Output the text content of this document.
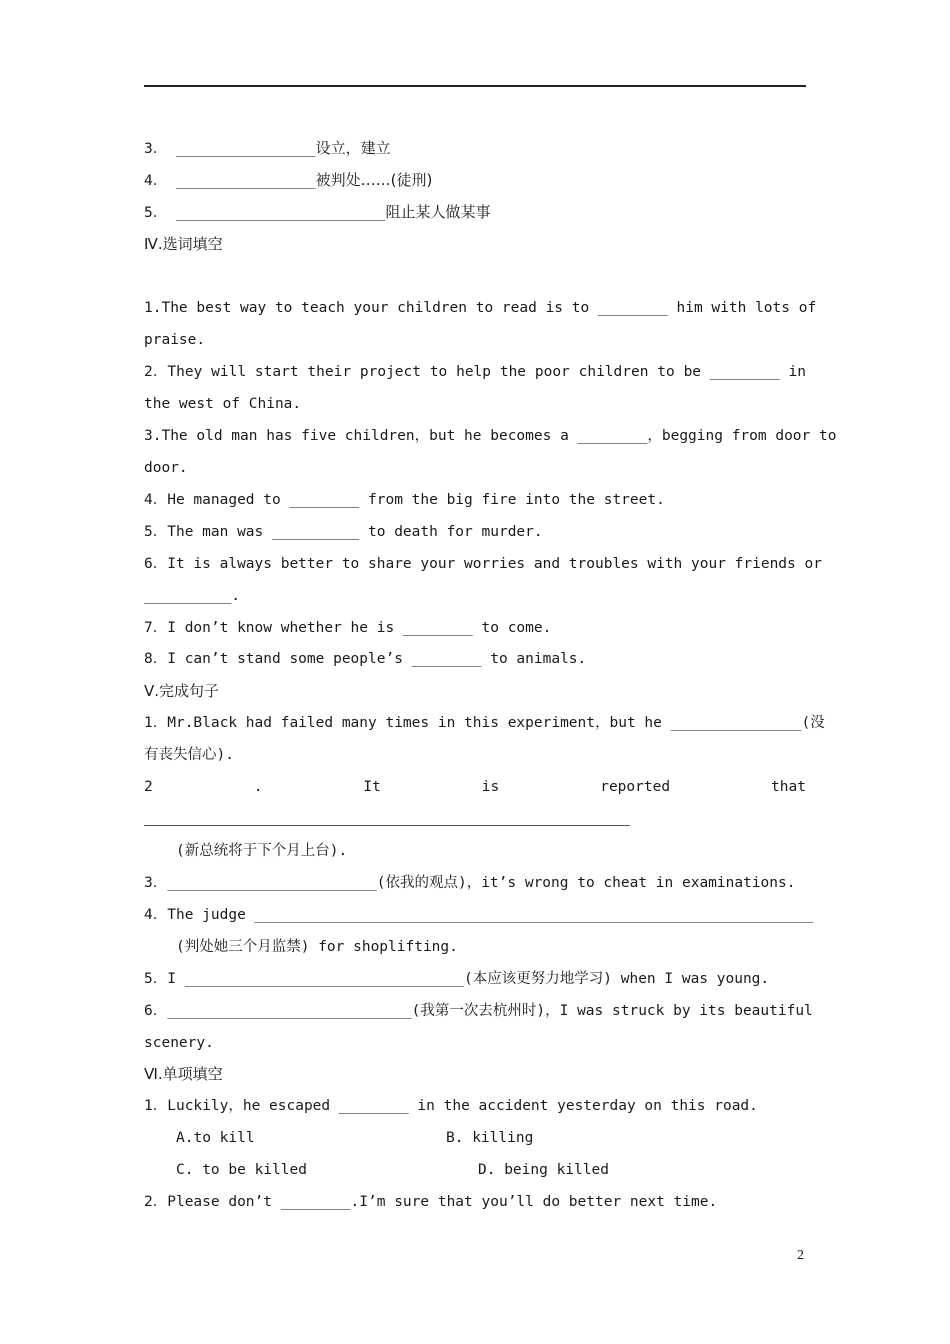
3． ________________设立，建立
4． ________________被判处……(徒刑)
5． ________________________阻止某人做某事
Ⅳ.选词填空
1.The best way to teach your children to read is to ________ him with lots of
praise.
2．They will start their project to help the poor children to be ________ in
the west of China.
3.The old man has five children，but he becomes a ________，begging from door to
door.
4．He managed to ________ from the big fire into the street.
5．The man was __________ to death for murder.
6．It is always better to share your worries and troubles with your friends or
__________.
7．I don’t know whether he is ________ to come.
8．I can’t stand some people’s ________ to animals.
Ⅴ.完成句子
1．Mr.Black had failed many times in this experiment，but he _______________(没
有丧失信心).
2	.	It	is	reported	that
(新总统将于下个月上台).
3．________________________(依我的观点)，it’s wrong to cheat in examinations.
4．The judge ________________________________________________________________
(判处她三个月监禁) for shoplifting.
5．I ________________________________(本应该更努力地学习) when I was young.
6．____________________________(我第一次去杭州时)，I was struck by its beautiful
scenery.
Ⅵ.单项填空
1．Luckily，he escaped ________ in the accident yesterday on this road.
A.to kill	B. killing
C. to be killed	D. being killed
2．Please don’t ________.I’m sure that you’ll do better next time.
2
